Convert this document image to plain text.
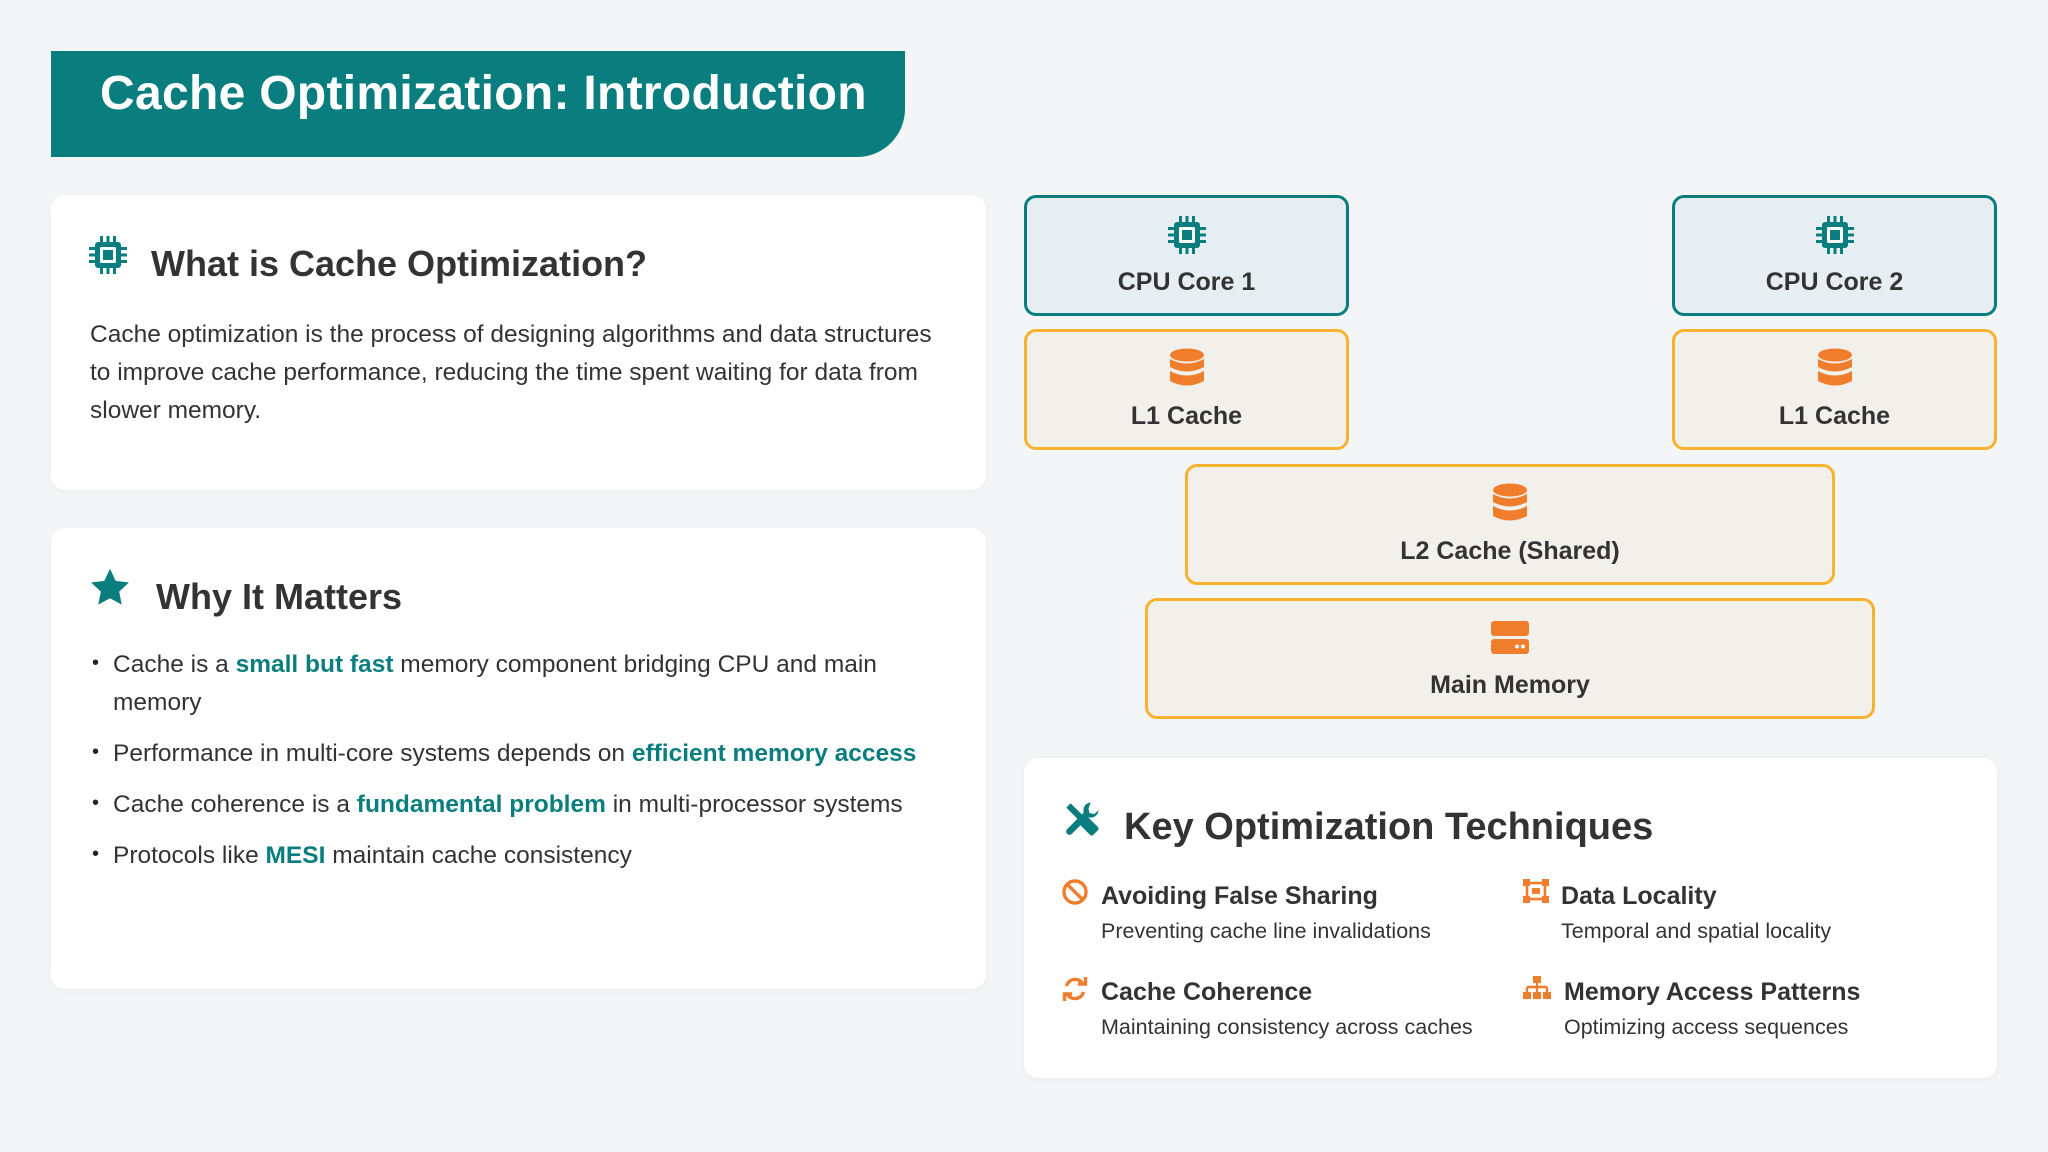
Cache Optimization: Introduction
What is Cache Optimization?

Cache optimization is the process of designing algorithms and data structures to improve cache performance, reducing the time spent waiting for data from slower memory.

Why It Matters
• Cache is a small but fast memory component bridging CPU and main memory
• Performance in multi-core systems depends on efficient memory access
• Cache coherence is a fundamental problem in multi-processor systems
• Protocols like MESI maintain cache consistency
CPU Core 1	CPU Core 2
L1 Cache	L1 Cache
L2 Cache (Shared)
Main Memory
Key Optimization Techniques
Avoiding False Sharing
Preventing cache line invalidations
Data Locality
Temporal and spatial locality
Cache Coherence
Maintaining consistency across caches
Memory Access Patterns
Optimizing access sequences
